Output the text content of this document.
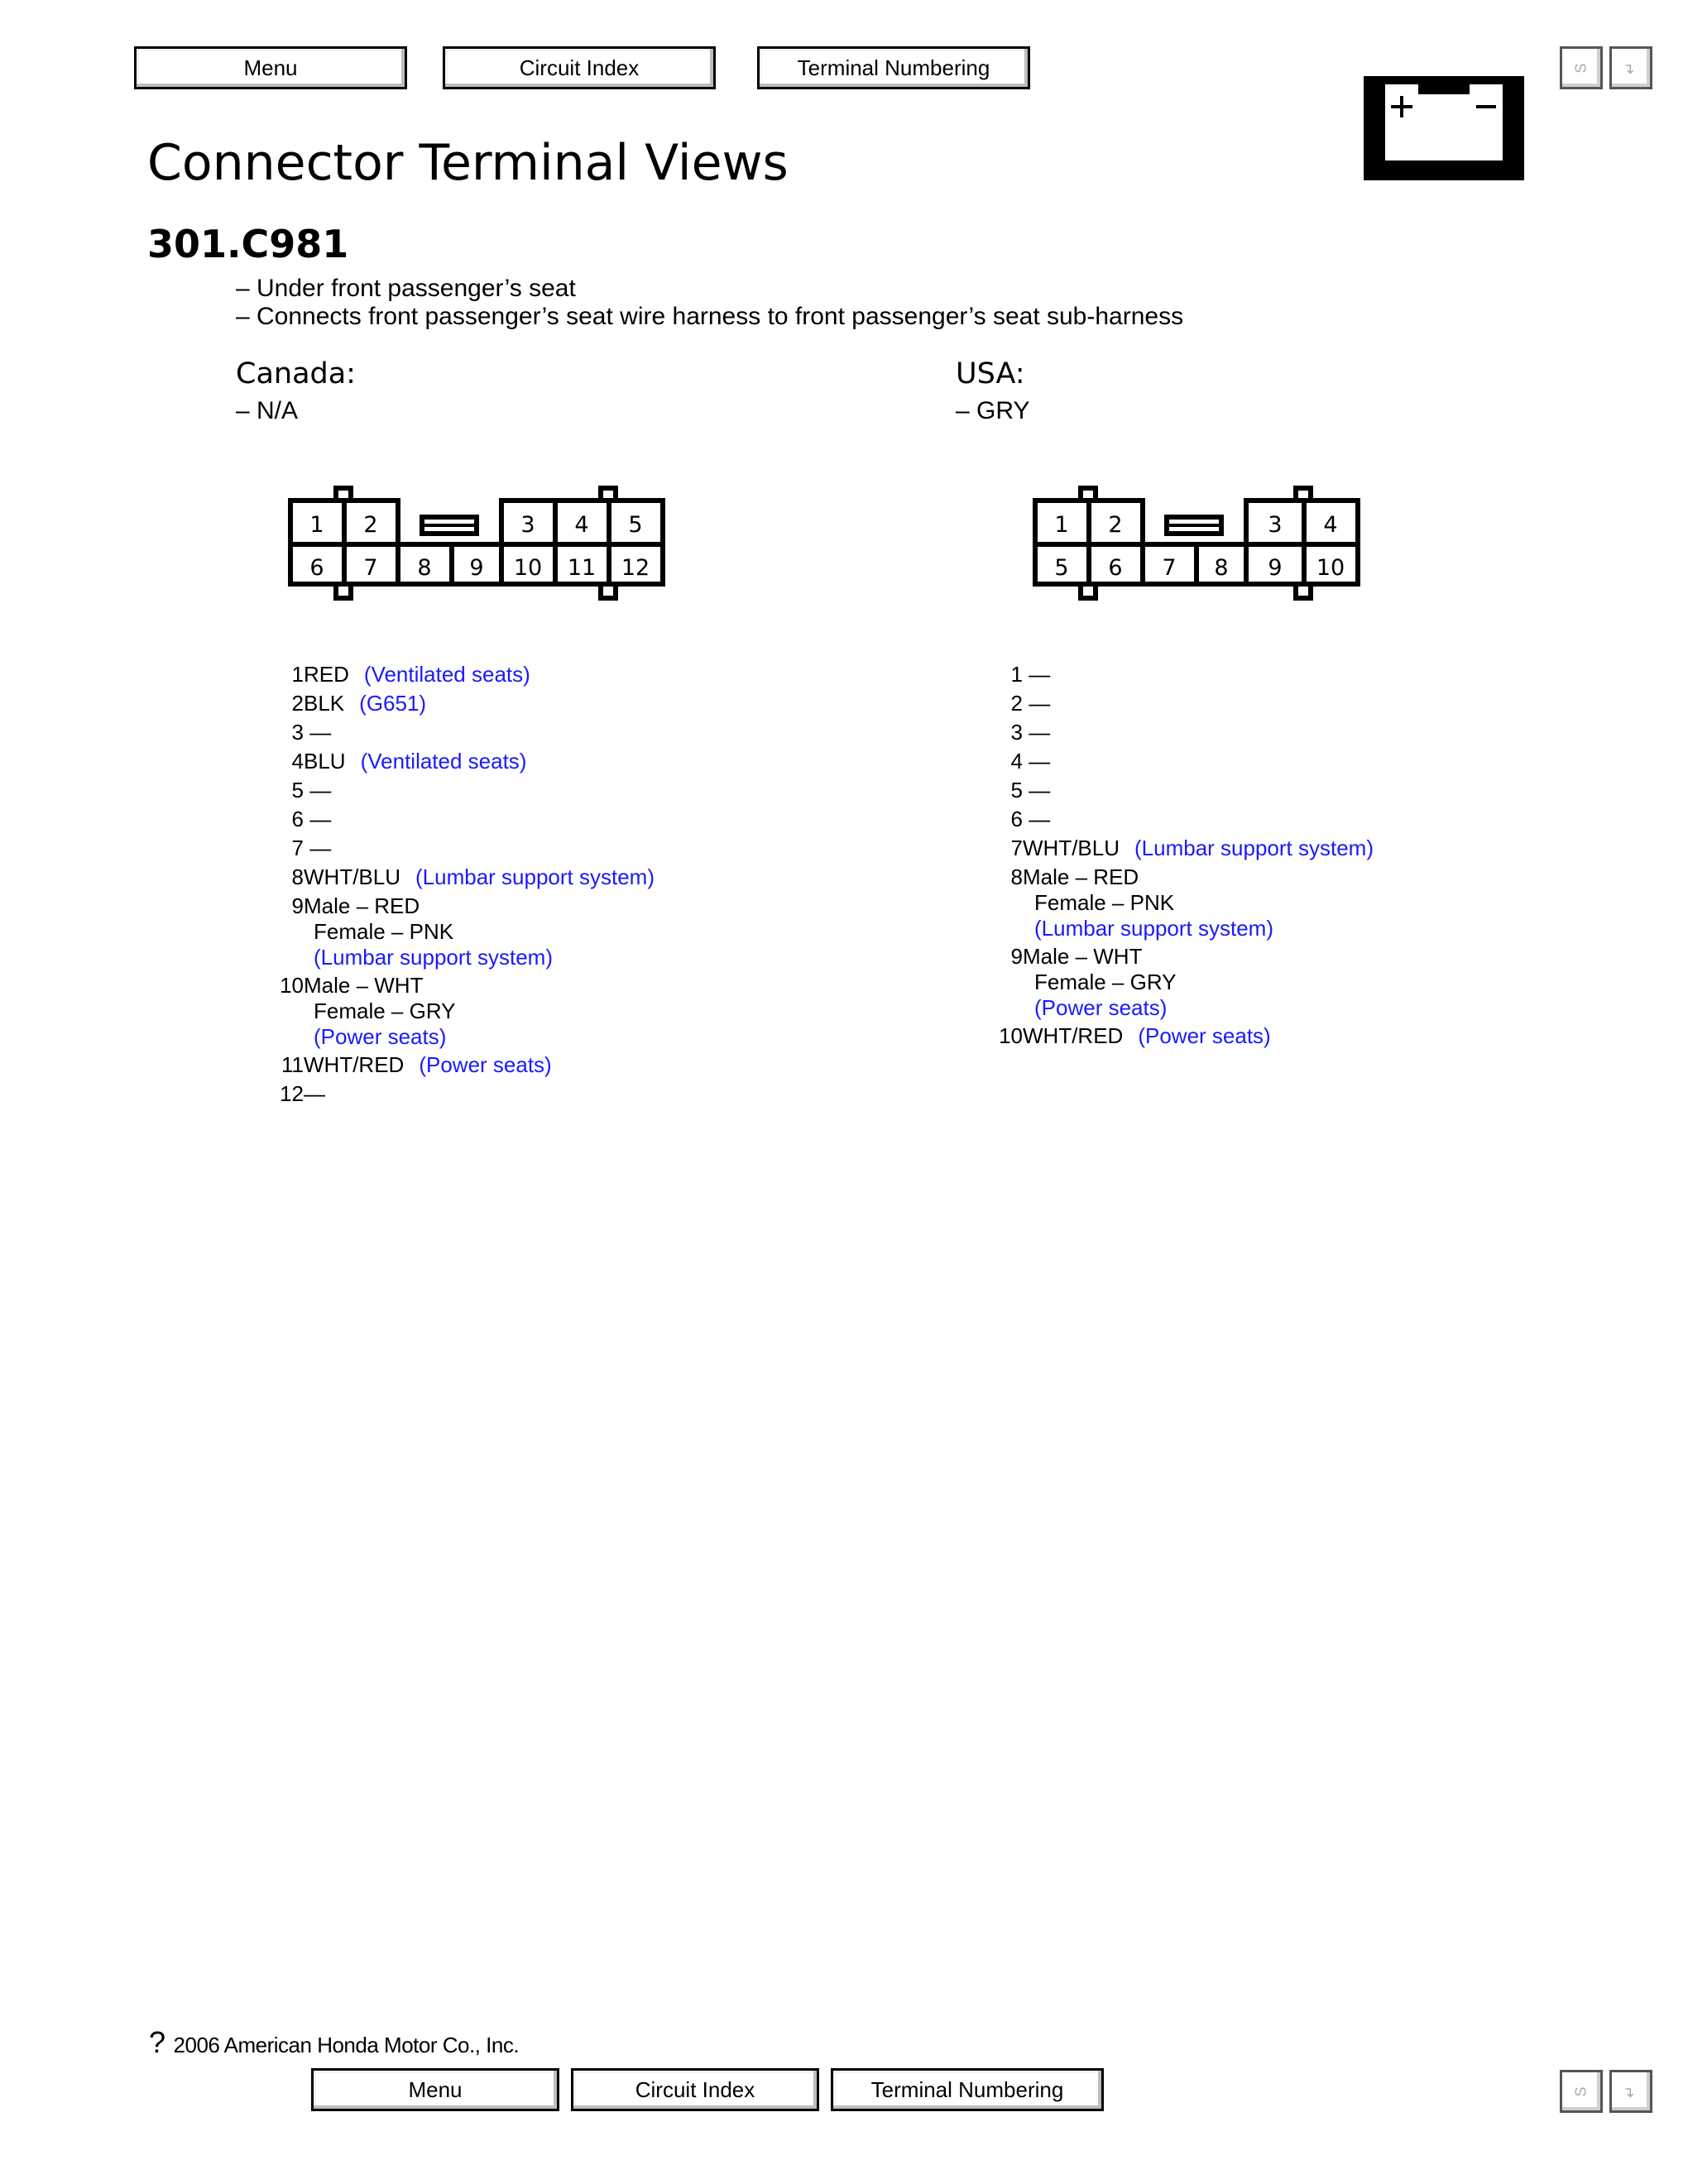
Menu	Circuit Index	Terminal Numbering	S ↵
Connector Terminal Views
301.C981
– Under front passenger’s seat
– Connects front passenger’s seat wire harness to front passenger’s seat sub-harness
Canada:
– N/A
USA:
– GRY
1 2	3 4 5
6 7 8 9 10 11 12
1 2	3 4
5 6 7 8 9 10
1RED (Ventilated seats)
2BLK (G651)
3 —
4BLU (Ventilated seats)
5 —
6 —
7 —
8WHT/BLU (Lumbar support system)
9Male – RED
Female – PNK
(Lumbar support system)
10Male – WHT
Female – GRY
(Power seats)
11WHT/RED (Power seats)
12—
1 —
2 —
3 —
4 —
5 —
6 —
7WHT/BLU (Lumbar support system)
8Male – RED
Female – PNK
(Lumbar support system)
9Male – WHT
Female – GRY
(Power seats)
10WHT/RED (Power seats)
? 2006 American Honda Motor Co., Inc.
Menu	Circuit Index	Terminal Numbering	S ↵
